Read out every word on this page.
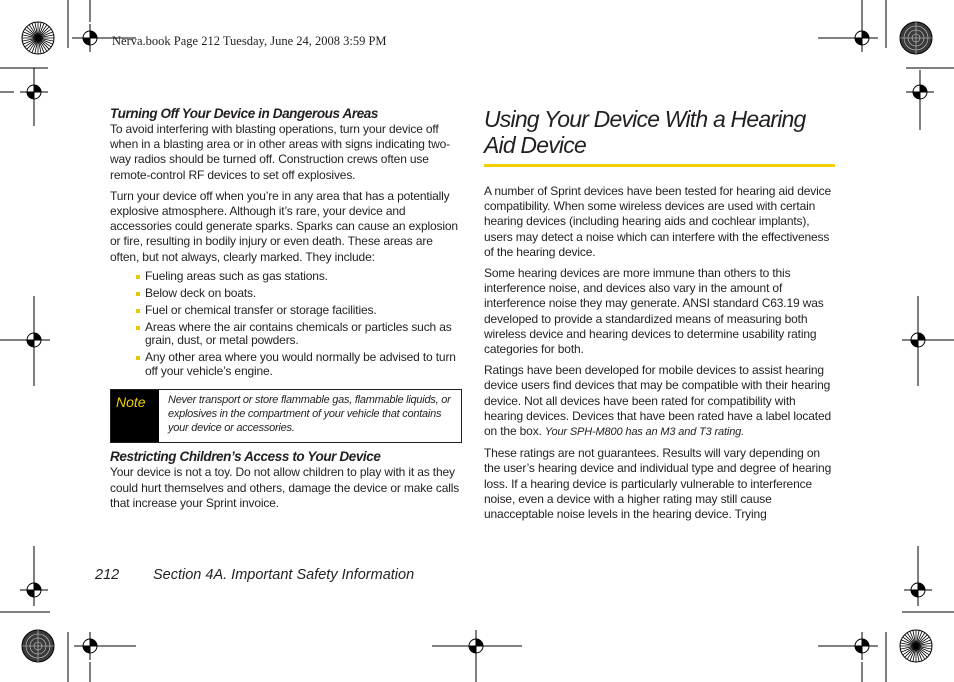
Nerva.book Page 212 Tuesday, June 24, 2008 3:59 PM
Turning Off Your Device in Dangerous Areas

To avoid interfering with blasting operations, turn your device off when in a blasting area or in other areas with signs indicating two-way radios should be turned off. Construction crews often use remote-control RF devices to set off explosives.

Turn your device off when you’re in any area that has a potentially explosive atmosphere. Although it’s rare, your device and accessories could generate sparks. Sparks can cause an explosion or fire, resulting in bodily injury or even death. These areas are often, but not always, clearly marked. They include:

Fueling areas such as gas stations.
Below deck on boats.
Fuel or chemical transfer or storage facilities.
Areas where the air contains chemicals or particles such as grain, dust, or metal powders.
Any other area where you would normally be advised to turn off your vehicle’s engine.
Note	Never transport or store flammable gas, flammable liquids, or explosives in the compartment of your vehicle that contains your device or accessories.
Restricting Children’s Access to Your Device

Your device is not a toy. Do not allow children to play with it as they could hurt themselves and others, damage the device or make calls that increase your Sprint invoice.

Using Your Device With a Hearing Aid Device

A number of Sprint devices have been tested for hearing aid device compatibility. When some wireless devices are used with certain hearing devices (including hearing aids and cochlear implants), users may detect a noise which can interfere with the effectiveness of the hearing device.

Some hearing devices are more immune than others to this interference noise, and devices also vary in the amount of interference noise they may generate. ANSI standard C63.19 was developed to provide a standardized means of measuring both wireless device and hearing devices to determine usability rating categories for both.

Ratings have been developed for mobile devices to assist hearing device users find devices that may be compatible with their hearing device. Not all devices have been rated for compatibility with hearing devices. Devices that have been rated have a label located on the box. Your SPH-M800 has an M3 and T3 rating.

These ratings are not guarantees. Results will vary depending on the user’s hearing device and individual type and degree of hearing loss. If a hearing device is particularly vulnerable to interference noise, even a device with a higher rating may still cause unacceptable noise levels in the hearing device. Trying

212 Section 4A. Important Safety Information
